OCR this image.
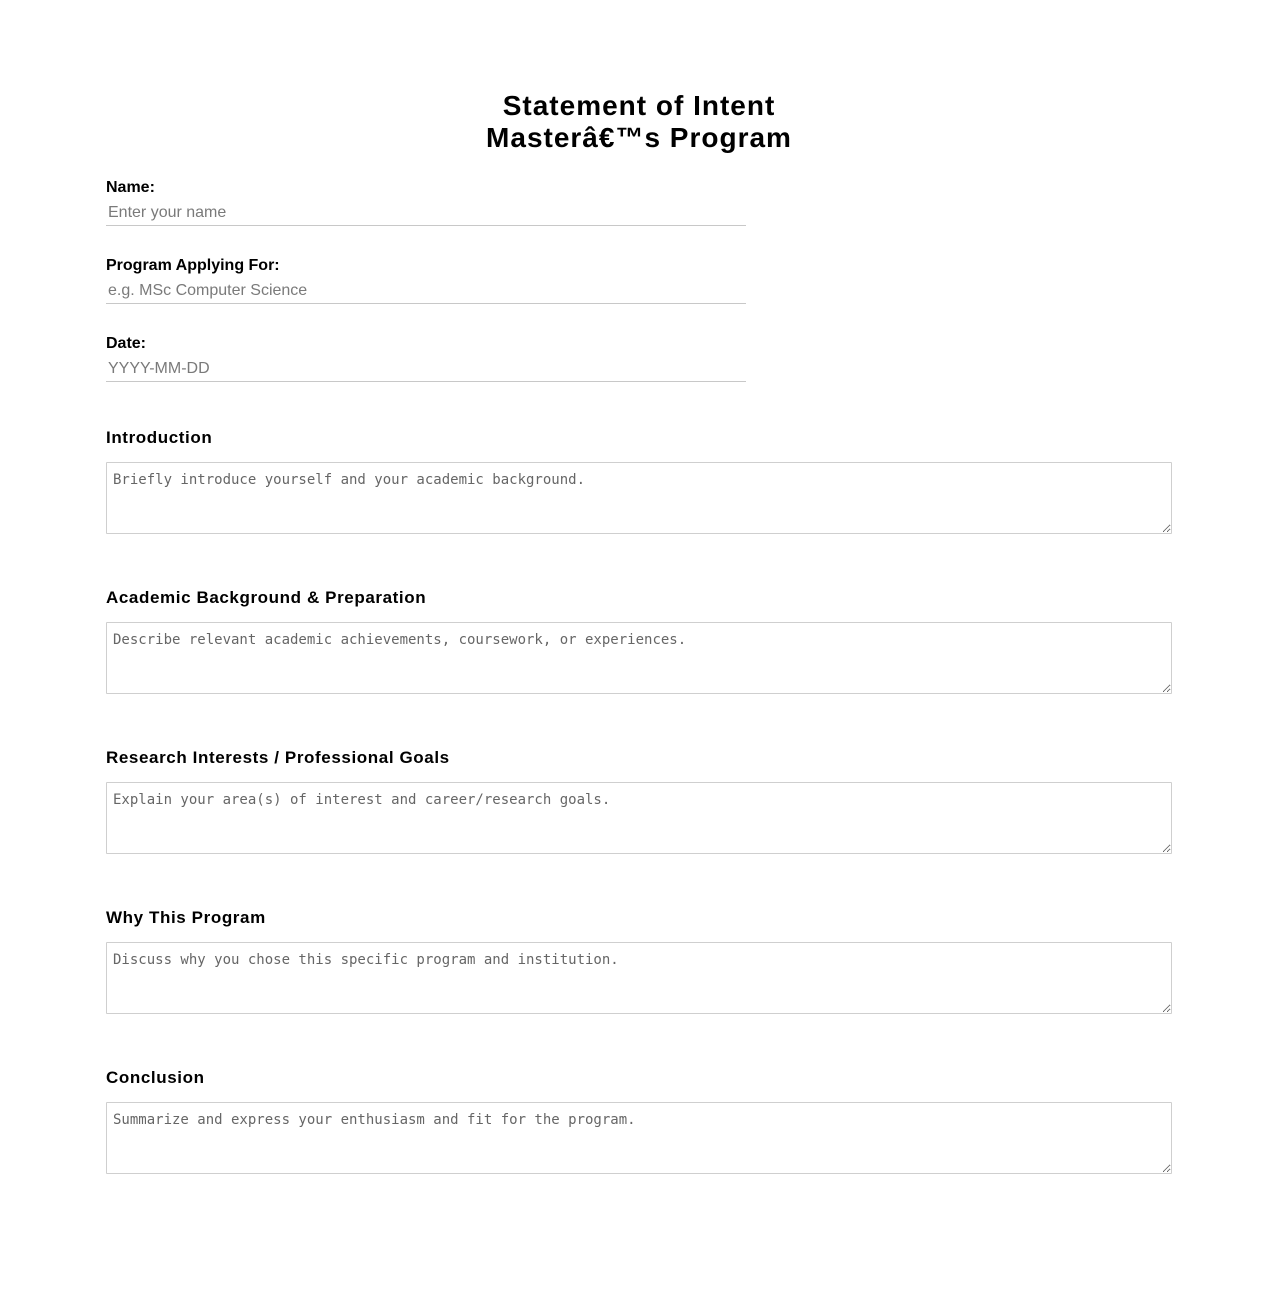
Statement of Intent
Masterâ€™s Program
Name:
Enter your name
Program Applying For:
e.g. MSc Computer Science
Date:
YYYY-MM-DD
Introduction
Briefly introduce yourself and your academic background.
Academic Background & Preparation
Describe relevant academic achievements, coursework, or experiences.
Research Interests / Professional Goals
Explain your area(s) of interest and career/research goals.
Why This Program
Discuss why you chose this specific program and institution.
Conclusion
Summarize and express your enthusiasm and fit for the program.
